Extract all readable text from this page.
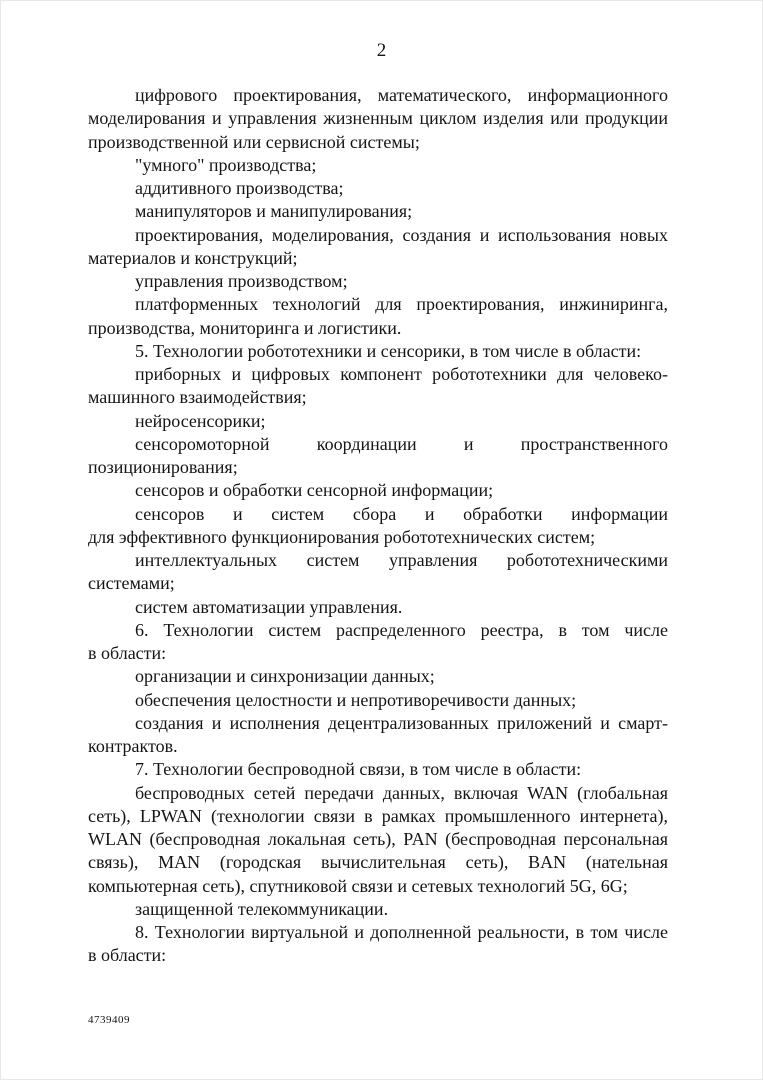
2

цифрового проектирования, математического, информационного
моделирования и управления жизненным циклом изделия или продукции
производственной или сервисной системы;

"умного" производства;

аддитивного производства;

манипуляторов и манипулирования;

проектирования, моделирования, создания и использования новых
материалов и конструкций;

управления производством;

платформенных технологий для проектирования, инжиниринга,
производства, мониторинга и логистики.

5. Технологии робототехники и сенсорики, в том числе в области:

приборных и цифровых компонент робототехники для человеко-
машинного взаимодействия;

нейросенсорики;

сенсоромоторной координации и пространственного
позиционирования;

сенсоров и обработки сенсорной информации;

сенсоров и систем сбора и обработки информации
для эффективного функционирования робототехнических систем;

интеллектуальных систем управления робототехническими
системами;

систем автоматизации управления.

6. Технологии систем распределенного реестра, в том числе
в области:

организации и синхронизации данных;

обеспечения целостности и непротиворечивости данных;

создания и исполнения децентрализованных приложений и смарт-
контрактов.

7. Технологии беспроводной связи, в том числе в области:

беспроводных сетей передачи данных, включая WAN (глобальная
сеть), LPWAN (технологии связи в рамках промышленного интернета),
WLAN (беспроводная локальная сеть), PAN (беспроводная персональная
связь), MAN (городская вычислительная сеть), BAN (нательная
компьютерная сеть), спутниковой связи и сетевых технологий 5G, 6G;

защищенной телекоммуникации.

8. Технологии виртуальной и дополненной реальности, в том числе
в области:

4739409
